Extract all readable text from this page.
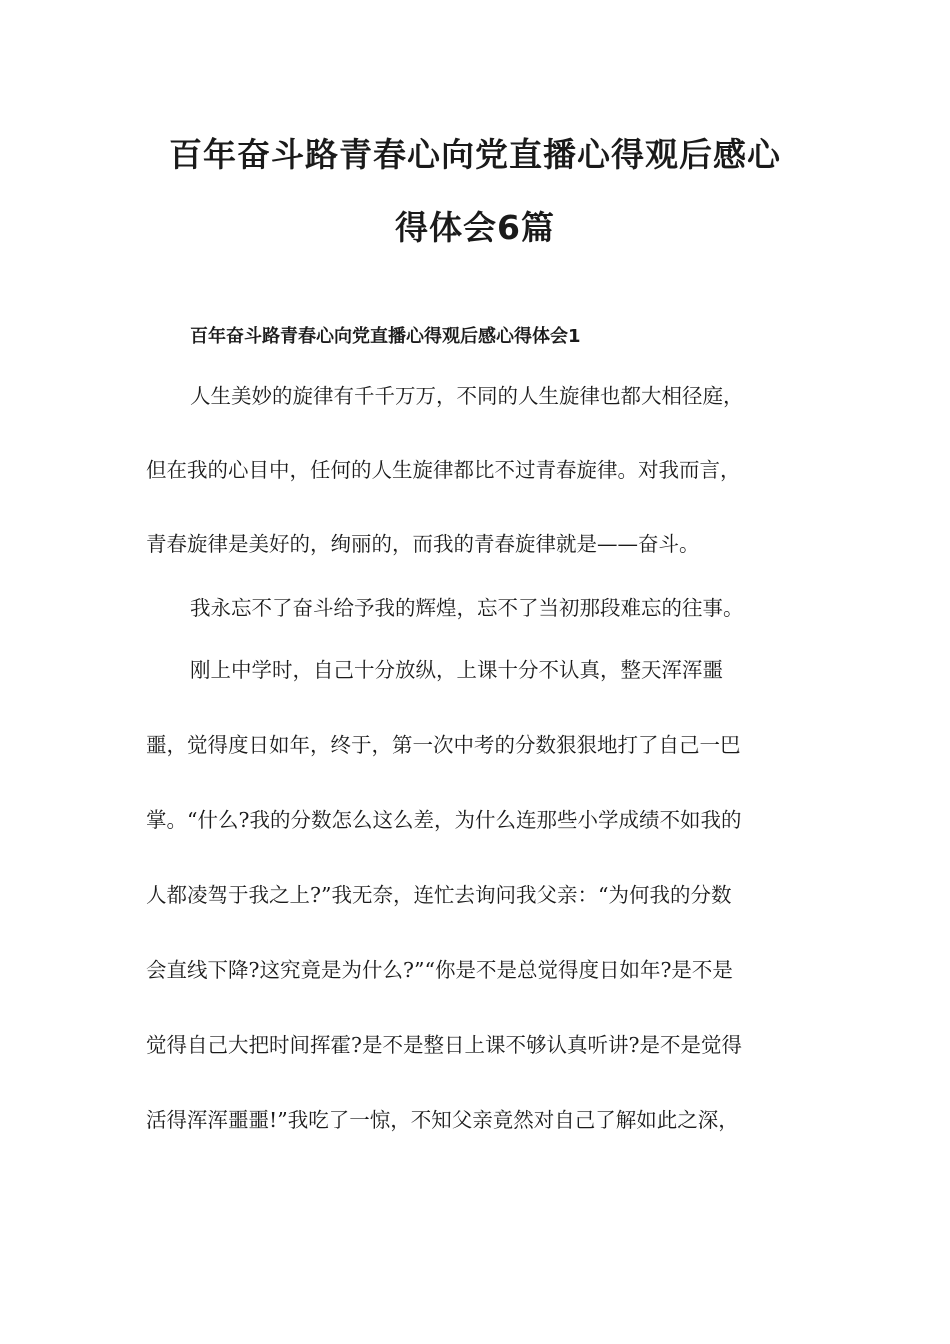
百年奋斗路青春心向党直播心得观后感心
得体会6篇
百年奋斗路青春心向党直播心得观后感心得体会1
人生美妙的旋律有千千万万，不同的人生旋律也都大相径庭，
但在我的心目中，任何的人生旋律都比不过青春旋律。对我而言，
青春旋律是美好的，绚丽的，而我的青春旋律就是——奋斗。
我永忘不了奋斗给予我的辉煌，忘不了当初那段难忘的往事。
刚上中学时，自己十分放纵，上课十分不认真，整天浑浑噩
噩，觉得度日如年，终于，第一次中考的分数狠狠地打了自己一巴
掌。“什么?我的分数怎么这么差，为什么连那些小学成绩不如我的
人都凌驾于我之上?”我无奈，连忙去询问我父亲：“为何我的分数
会直线下降?这究竟是为什么?”“你是不是总觉得度日如年?是不是
觉得自己大把时间挥霍?是不是整日上课不够认真听讲?是不是觉得
活得浑浑噩噩!”我吃了一惊，不知父亲竟然对自己了解如此之深，
